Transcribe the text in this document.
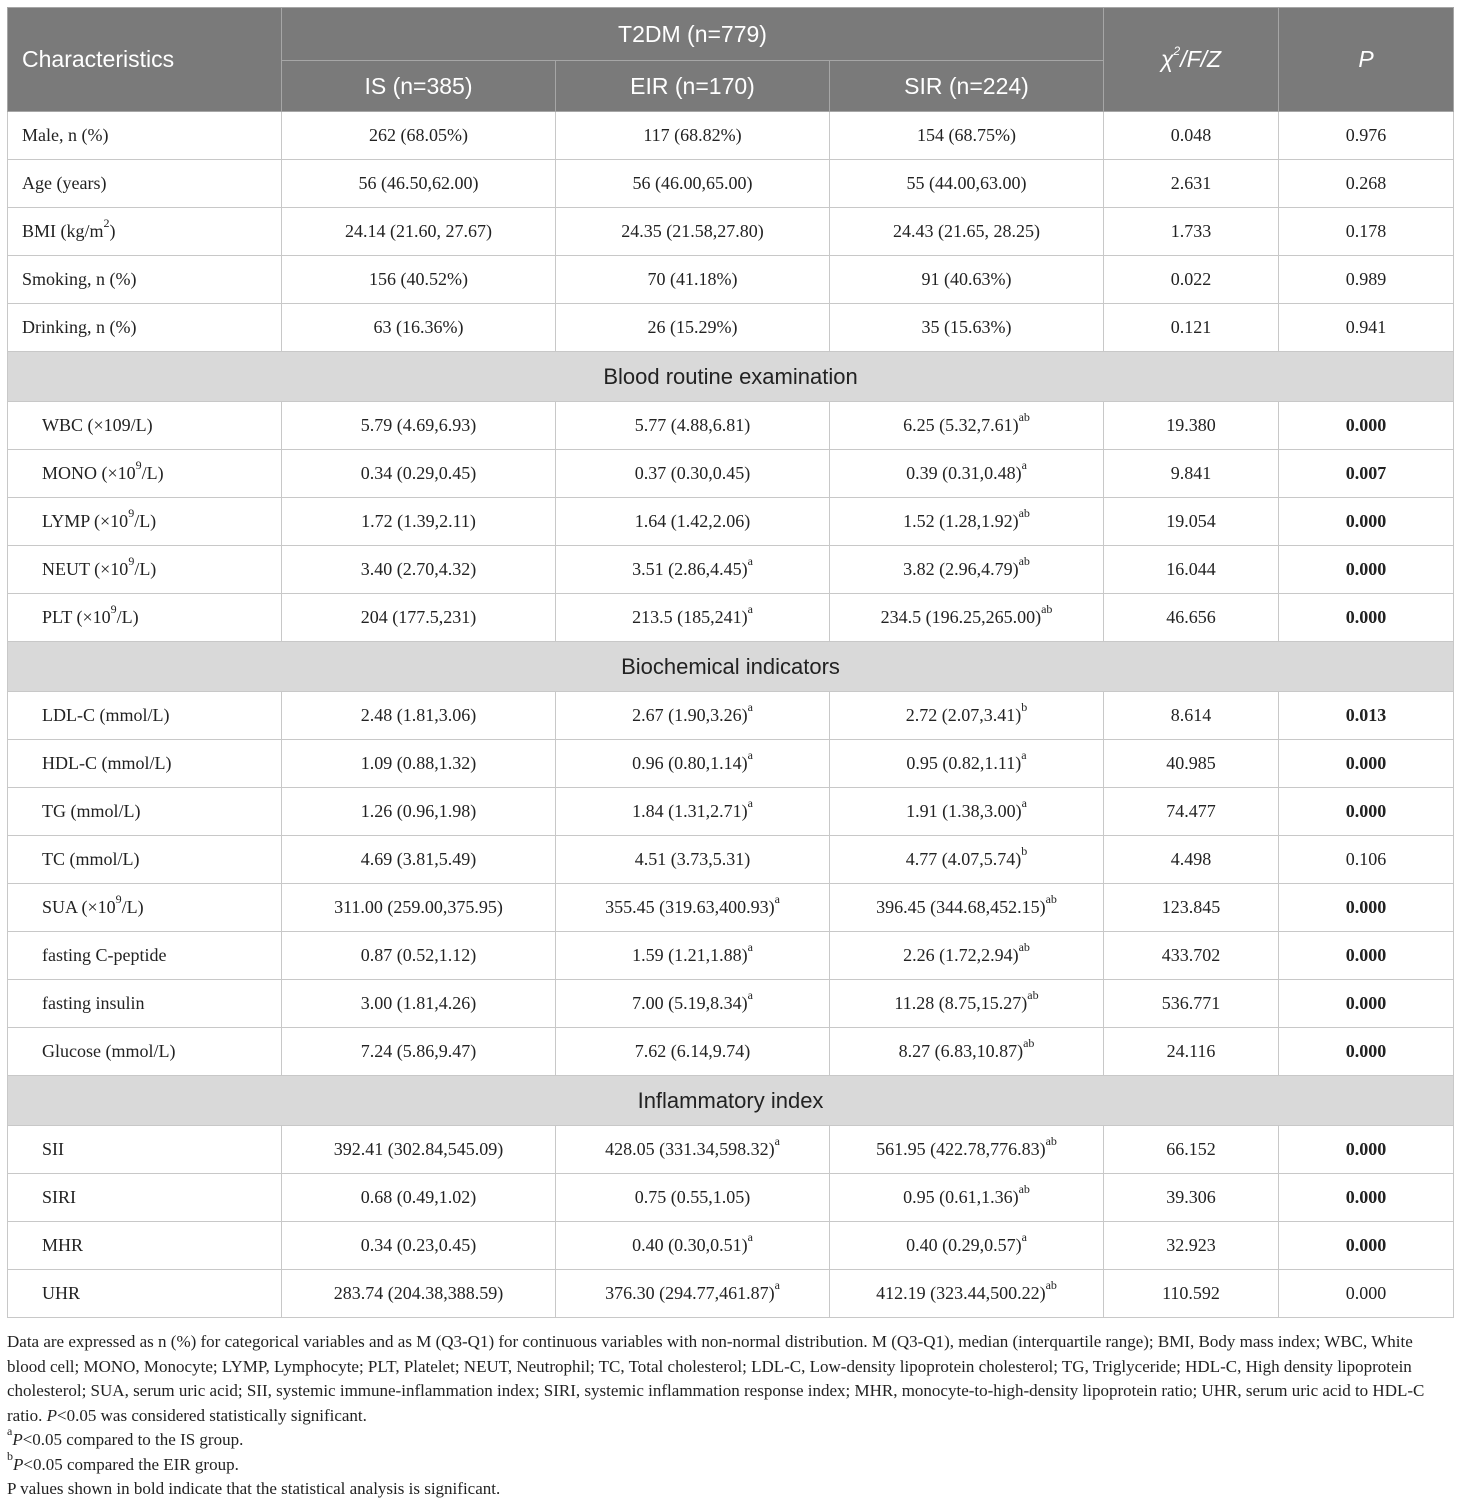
Characteristics	T2DM (n=779)			$\chi^2/F/Z$	P
	IS (n=385)	EIR (n=170)	SIR (n=224)		
Male, n (%)	262 (68.05%)	117 (68.82%)	154 (68.75%)	0.048	0.976
Age (years)	56 (46.50,62.00)	56 (46.00,65.00)	55 (44.00,63.00)	2.631	0.268
BMI $(kg/m^2)$	24.14 (21.60, 27.67)	24.35 (21.58,27.80)	24.43 (21.65, 28.25)	1.733	0.178
Smoking, n (%)	156 (40.52%)	70 (41.18%)	91 (40.63%)	0.022	0.989
Drinking, n (%)	63 (16.36%)	26 (15.29%)	35 (15.63%)	0.121	0.941
Blood routine examination					
WBC (×109/L)	5.79 (4.69,6.93)	5.77 (4.88,6.81)	6.25 $(5.32,7.61)^{ab}$	19.380	0.000
MONO $(\times 10^9/L)$	0.34 (0.29,0.45)	0.37 (0.30,0.45)	0.39 $(0.31,0.48)^a$	9.841	0.007
LYMP $(\times 10^9/L)$	1.72 (1.39,2.11)	1.64 (1.42,2.06)	1.52 $(1.28,1.92)^{ab}$	19.054	0.000
NEUT $(\times 10^9/L)$	3.40 (2.70,4.32)	3.51 $(2.86,4.45)^a$	3.82 $(2.96,4.79)^{ab}$	16.044	0.000
PLT $(\times 10^9/L)$	204 (177.5,231)	213.5 $(185,241)^a$	234.5 $(196.25,265.00)^{ab}$	46.656	0.000
Biochemical indicators					
LDL-C (mmol/L)	2.48 (1.81,3.06)	2.67 $(1.90,3.26)^a$	2.72 $(2.07,3.41)^b$	8.614	0.013
HDL-C (mmol/L)	1.09 (0.88,1.32)	0.96 $(0.80,1.14)^a$	0.95 $(0.82,1.11)^a$	40.985	0.000
TG (mmol/L)	1.26 (0.96,1.98)	1.84 $(1.31,2.71)^a$	1.91 $(1.38,3.00)^a$	74.477	0.000
TC (mmol/L)	4.69 (3.81,5.49)	4.51 (3.73,5.31)	4.77 $(4.07,5.74)^b$	4.498	0.106
SUA $(\times 10^9/L)$	311.00 (259.00,375.95)	355.45 $(319.63,400.93)^a$	396.45 $(344.68,452.15)^{ab}$	123.845	0.000
fasting C-peptide	0.87 (0.52,1.12)	1.59 $(1.21,1.88)^a$	2.26 $(1.72,2.94)^{ab}$	433.702	0.000
fasting insulin	3.00 (1.81,4.26)	7.00 $(5.19,8.34)^a$	11.28 $(8.75,15.27)^{ab}$	536.771	0.000
Glucose (mmol/L)	7.24 (5.86,9.47)	7.62 (6.14,9.74)	8.27 $(6.83,10.87)^{ab}$	24.116	0.000
Inflammatory index					
SII	392.41 (302.84,545.09)	428.05 $(331.34,598.32)^a$	561.95 $(422.78,776.83)^{ab}$	66.152	0.000
SIRI	0.68 (0.49,1.02)	0.75 (0.55,1.05)	0.95 $(0.61,1.36)^{ab}$	39.306	0.000
MHR	0.34 (0.23,0.45)	0.40 $(0.30,0.51)^a$	0.40 $(0.29,0.57)^a$	32.923	0.000
UHR	283.74 (204.38,388.59)	376.30 $(294.77,461.87)^a$	412.19 $(323.44,500.22)^{ab}$	110.592	0.000

Data are expressed as n (%) for categorical variables and as M (Q3-Q1) for continuous variables with non-normal distribution. M (Q3-Q1), median (interquartile range); BMI, Body mass index; WBC, White blood cell; MONO, Monocyte; LYMP, Lymphocyte; PLT, Platelet; NEUT, Neutrophil; TC, Total cholesterol; LDL-C, Low-density lipoprotein cholesterol; TG, Triglyceride; HDL-C, High density lipoprotein cholesterol; SUA, serum uric acid; SII, systemic immune-inflammation index; SIRI, systemic inflammation response index; MHR, monocyte-to-high-density lipoprotein ratio; UHR, serum uric acid to HDL-C ratio. P<0.05 was considered statistically significant.

$^a$P<0.05 compared to the IS group.

$^b$P<0.05 compared the EIR group.

P values shown in bold indicate that the statistical analysis is significant.
